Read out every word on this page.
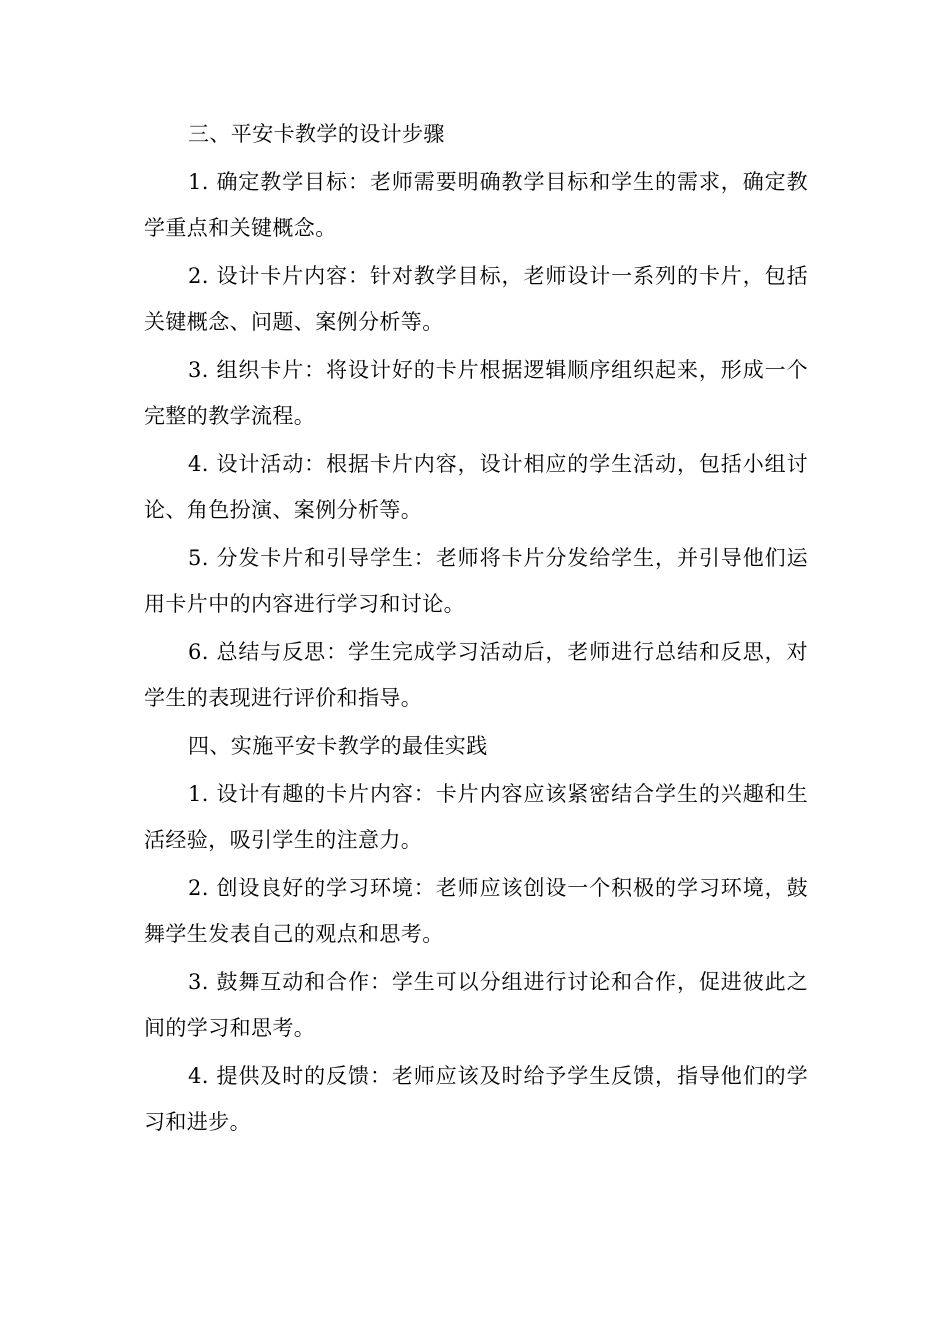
三、平安卡教学的设计步骤

1. 确定教学目标：老师需要明确教学目标和学生的需求，确定教学重点和关键概念。

2. 设计卡片内容：针对教学目标，老师设计一系列的卡片，包括关键概念、问题、案例分析等。

3. 组织卡片：将设计好的卡片根据逻辑顺序组织起来，形成一个完整的教学流程。

4. 设计活动：根据卡片内容，设计相应的学生活动，包括小组讨论、角色扮演、案例分析等。

5. 分发卡片和引导学生：老师将卡片分发给学生，并引导他们运用卡片中的内容进行学习和讨论。

6. 总结与反思：学生完成学习活动后，老师进行总结和反思，对学生的表现进行评价和指导。

四、实施平安卡教学的最佳实践

1. 设计有趣的卡片内容：卡片内容应该紧密结合学生的兴趣和生活经验，吸引学生的注意力。

2. 创设良好的学习环境：老师应该创设一个积极的学习环境，鼓舞学生发表自己的观点和思考。

3. 鼓舞互动和合作：学生可以分组进行讨论和合作，促进彼此之间的学习和思考。

4. 提供及时的反馈：老师应该及时给予学生反馈，指导他们的学习和进步。
